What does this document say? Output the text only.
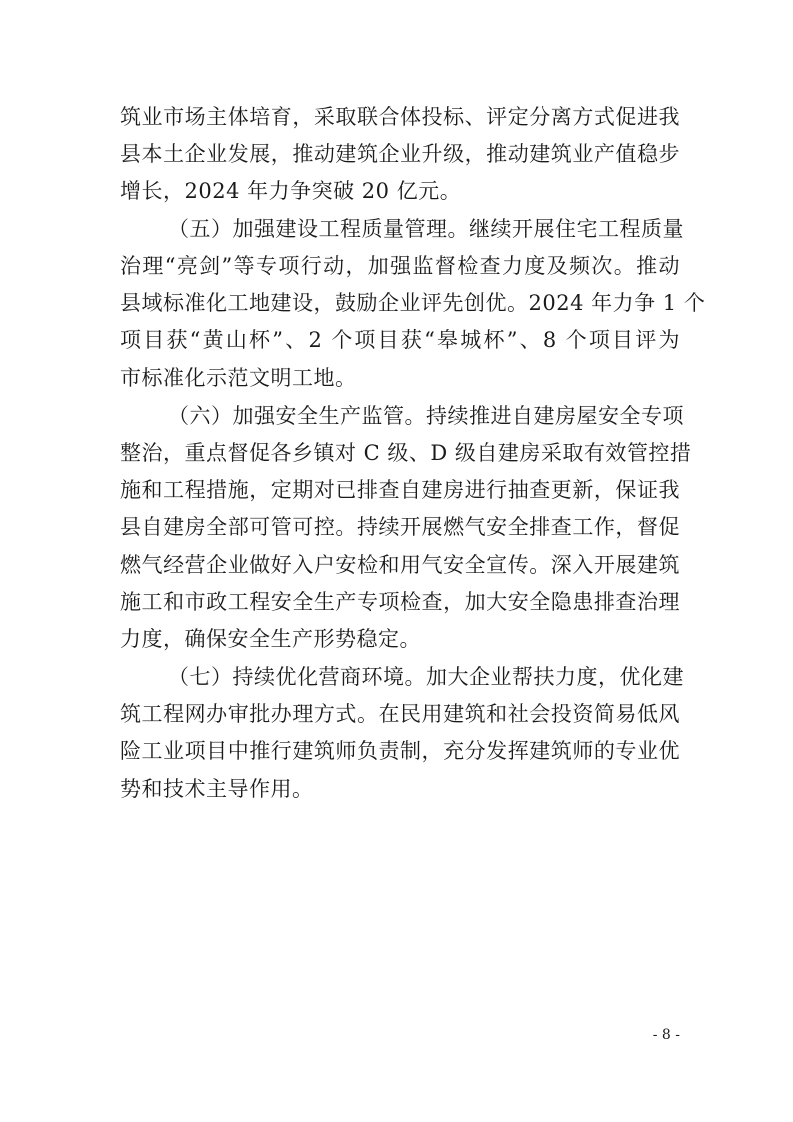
筑业市场主体培育，采取联合体投标、评定分离方式促进我
县本土企业发展，推动建筑企业升级，推动建筑业产值稳步
增长，2024 年力争突破 20 亿元。
（五）加强建设工程质量管理。继续开展住宅工程质量
治理“亮剑”等专项行动，加强监督检查力度及频次。推动
县域标准化工地建设，鼓励企业评先创优。2024 年力争 1 个
项目获“黄山杯”、2 个项目获“皋城杯”、8 个项目评为
市标准化示范文明工地。
（六）加强安全生产监管。持续推进自建房屋安全专项
整治，重点督促各乡镇对 C 级、D 级自建房采取有效管控措
施和工程措施，定期对已排查自建房进行抽查更新，保证我
县自建房全部可管可控。持续开展燃气安全排查工作，督促
燃气经营企业做好入户安检和用气安全宣传。深入开展建筑
施工和市政工程安全生产专项检查，加大安全隐患排查治理
力度，确保安全生产形势稳定。
（七）持续优化营商环境。加大企业帮扶力度，优化建
筑工程网办审批办理方式。在民用建筑和社会投资简易低风
险工业项目中推行建筑师负责制，充分发挥建筑师的专业优
势和技术主导作用。
- 8 -
